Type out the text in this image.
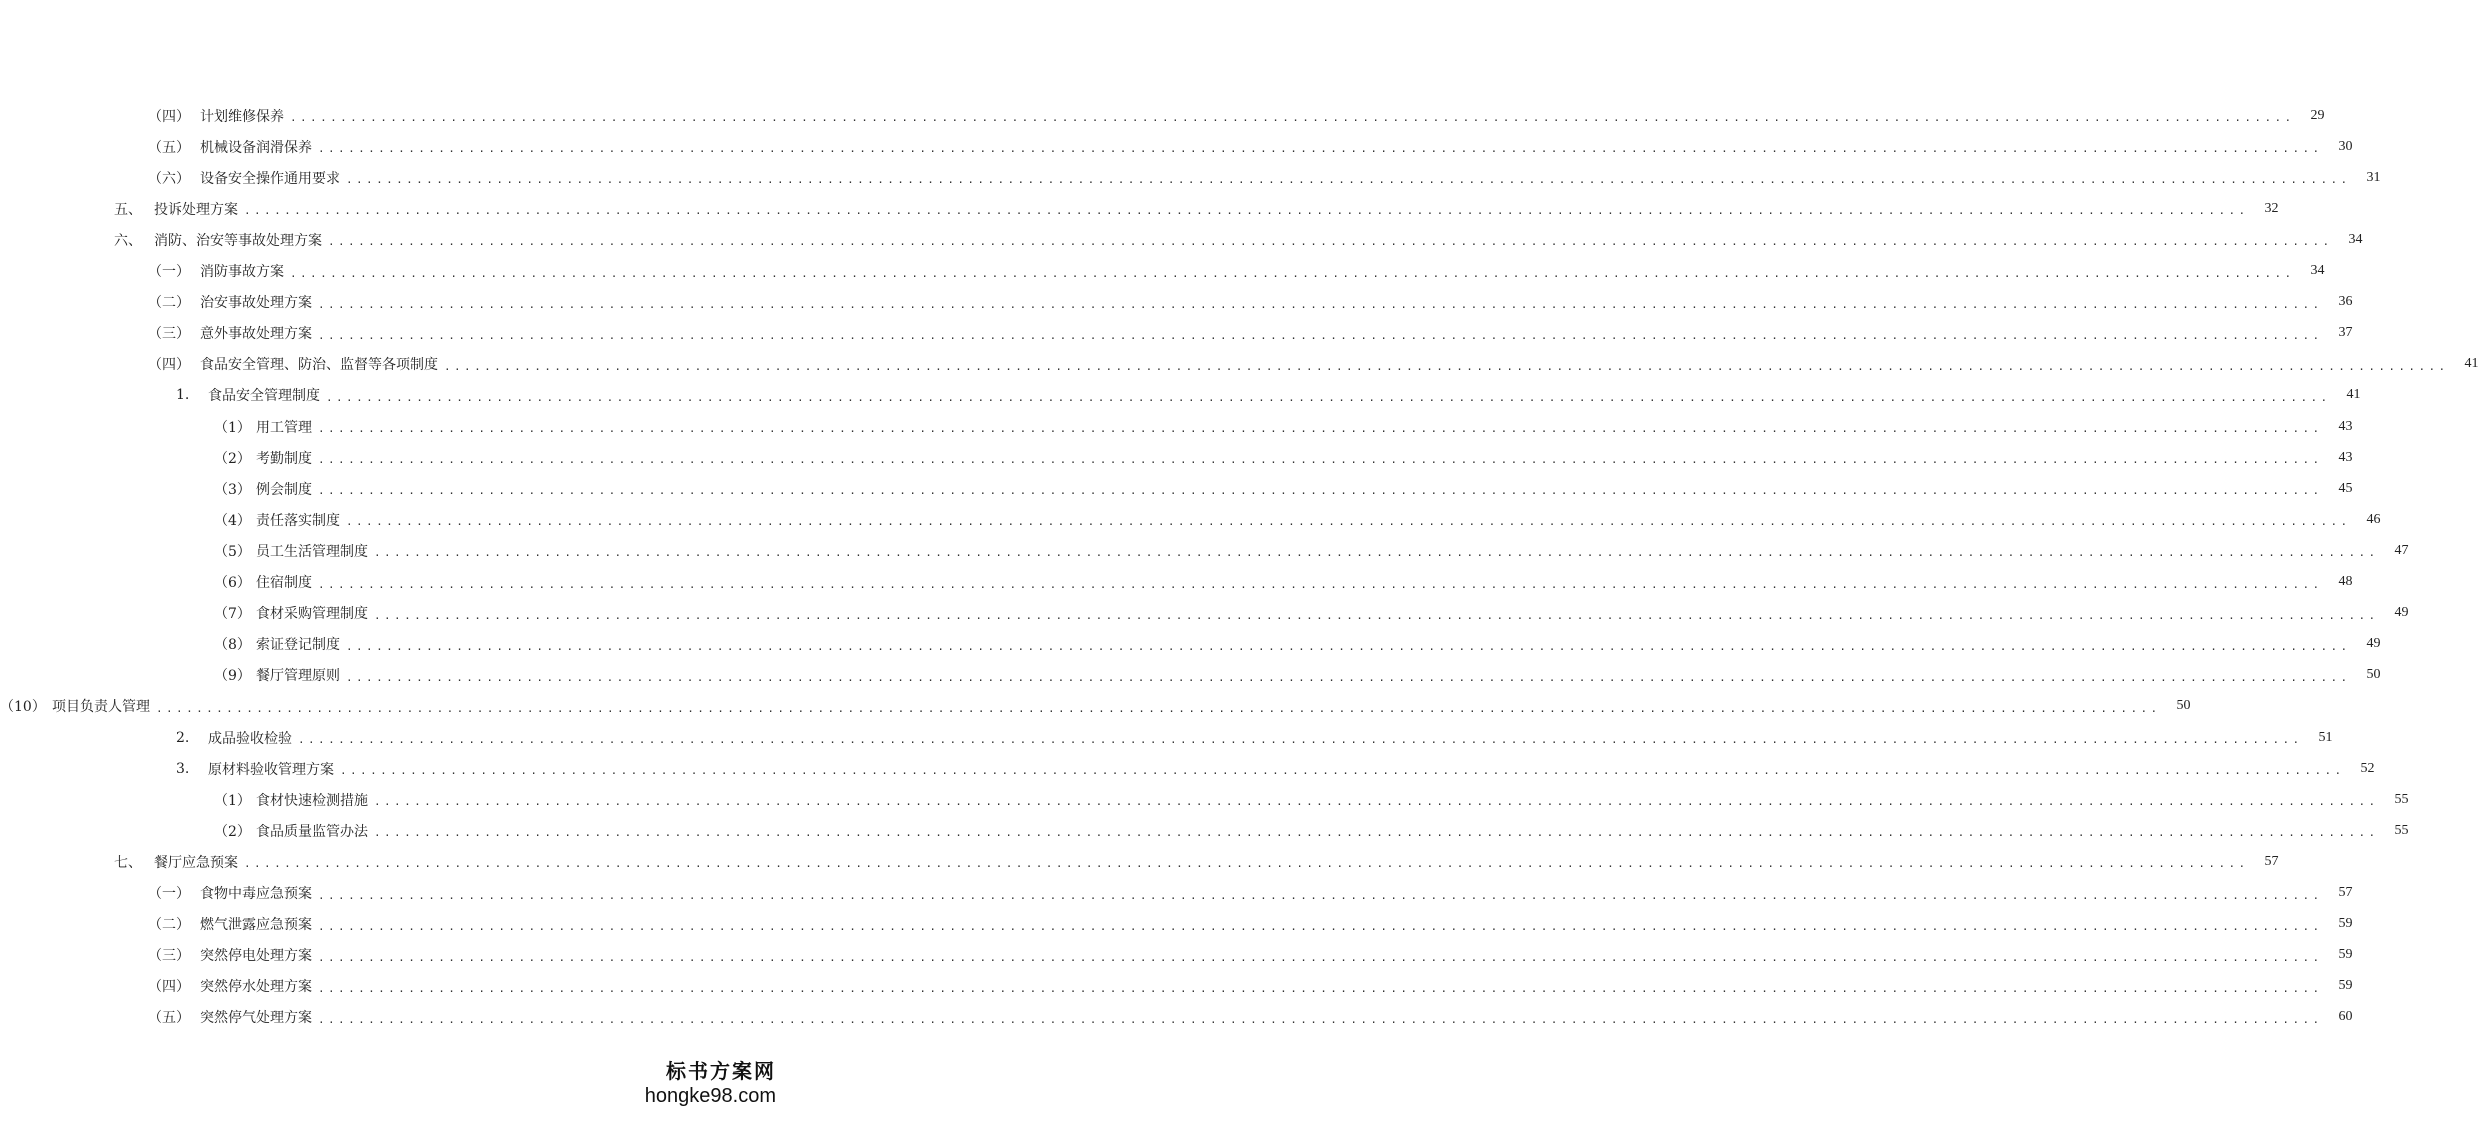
（四） 计划维修保养 ........................................................................................................................................................................................................	29
（五） 机械设备润滑保养 ........................................................................................................................................................................................................	30
（六） 设备安全操作通用要求 ........................................................................................................................................................................................................	31
五、 投诉处理方案 ........................................................................................................................................................................................................	32
六、 消防、治安等事故处理方案 ........................................................................................................................................................................................................	34
（一） 消防事故方案 ........................................................................................................................................................................................................	34
（二） 治安事故处理方案 ........................................................................................................................................................................................................	36
（三） 意外事故处理方案 ........................................................................................................................................................................................................	37
（四） 食品安全管理、防治、监督等各项制度 ........................................................................................................................................................................................................	41
1.	食品安全管理制度 ........................................................................................................................................................................................................	41
（1） 用工管理 ........................................................................................................................................................................................................	43
（2） 考勤制度 ........................................................................................................................................................................................................	43
（3） 例会制度 ........................................................................................................................................................................................................	45
（4） 责任落实制度 ........................................................................................................................................................................................................	46
（5） 员工生活管理制度 ........................................................................................................................................................................................................	47
（6） 住宿制度 ........................................................................................................................................................................................................	48
（7） 食材采购管理制度 ........................................................................................................................................................................................................	49
（8） 索证登记制度 ........................................................................................................................................................................................................	49
（9） 餐厅管理原则 ........................................................................................................................................................................................................	50
（10） 项目负责人管理 ........................................................................................................................................................................................................	50
2.	成品验收检验 ........................................................................................................................................................................................................	51
3.	原材料验收管理方案 ........................................................................................................................................................................................................	52
（1） 食材快速检测措施 ........................................................................................................................................................................................................	55
（2） 食品质量监管办法 ........................................................................................................................................................................................................	55
七、 餐厅应急预案 ........................................................................................................................................................................................................	57
（一） 食物中毒应急预案 ........................................................................................................................................................................................................	57
（二） 燃气泄露应急预案 ........................................................................................................................................................................................................	59
（三） 突然停电处理方案 ........................................................................................................................................................................................................	59
（四） 突然停水处理方案 ........................................................................................................................................................................................................	59
（五） 突然停气处理方案 ........................................................................................................................................................................................................	60
标书方案网
hongke98.com
